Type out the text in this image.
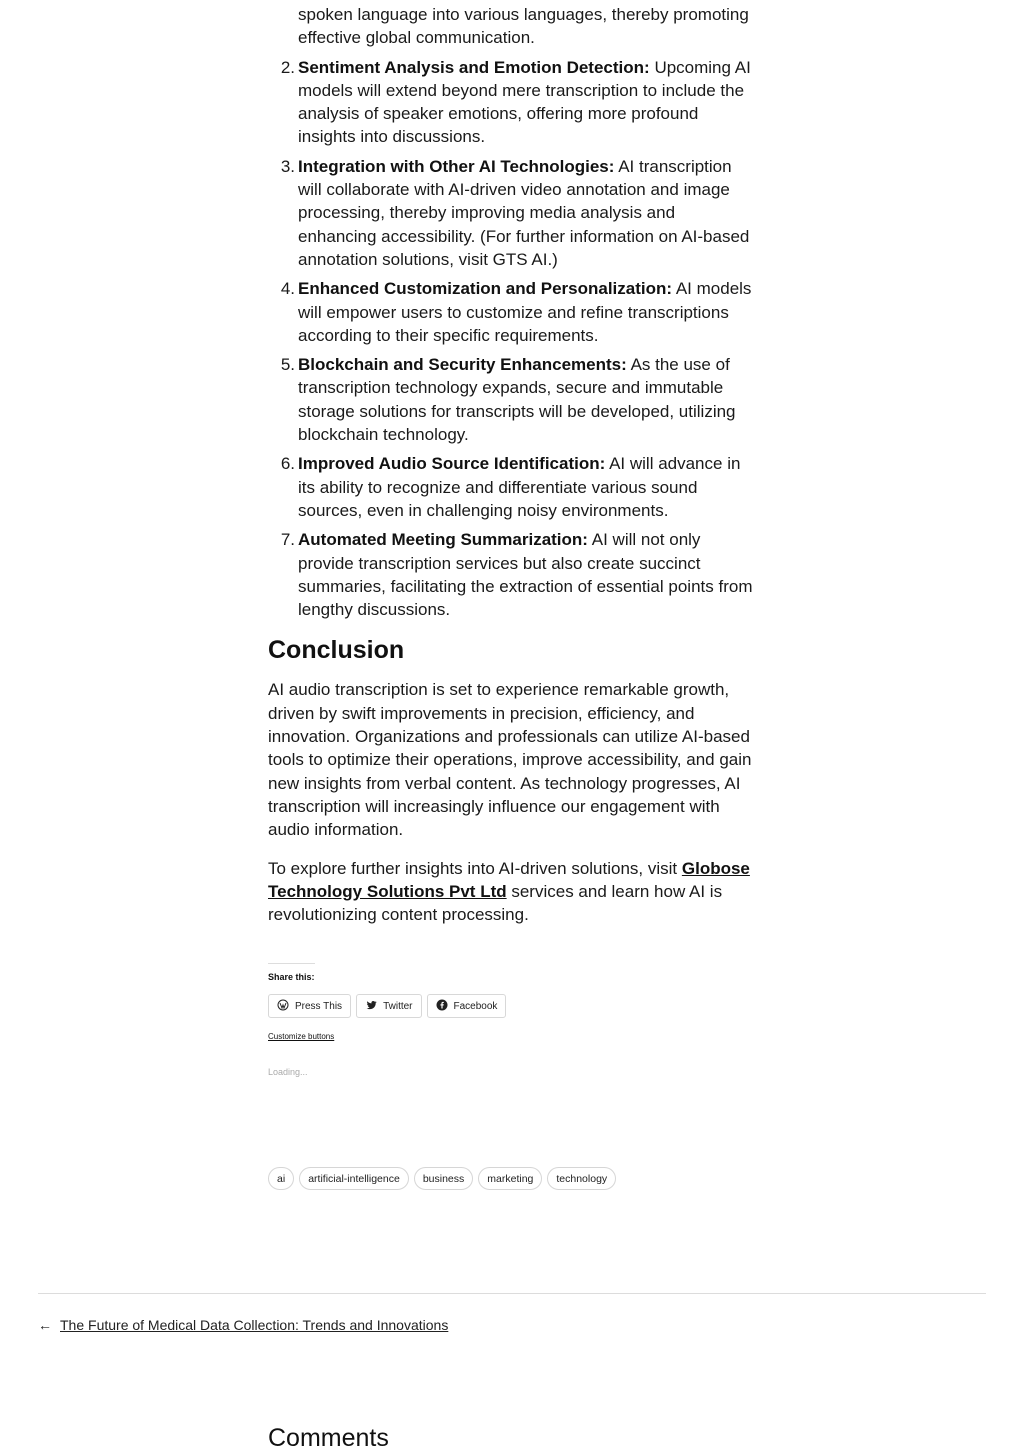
spoken language into various languages, thereby promoting
effective global communication.
2. Sentiment Analysis and Emotion Detection: Upcoming AI models will extend beyond mere transcription to include the analysis of speaker emotions, offering more profound insights into discussions.
3. Integration with Other AI Technologies: AI transcription will collaborate with AI-driven video annotation and image processing, thereby improving media analysis and enhancing accessibility. (For further information on AI-based annotation solutions, visit GTS AI.)
4. Enhanced Customization and Personalization: AI models will empower users to customize and refine transcriptions according to their specific requirements.
5. Blockchain and Security Enhancements: As the use of transcription technology expands, secure and immutable storage solutions for transcripts will be developed, utilizing blockchain technology.
6. Improved Audio Source Identification: AI will advance in its ability to recognize and differentiate various sound sources, even in challenging noisy environments.
7. Automated Meeting Summarization: AI will not only provide transcription services but also create succinct summaries, facilitating the extraction of essential points from lengthy discussions.
Conclusion

AI audio transcription is set to experience remarkable growth, driven by swift improvements in precision, efficiency, and innovation. Organizations and professionals can utilize AI-based tools to optimize their operations, improve accessibility, and gain new insights from verbal content. As technology progresses, AI transcription will increasingly influence our engagement with audio information.

To explore further insights into AI-driven solutions, visit Globose Technology Solutions Pvt Ltd services and learn how AI is revolutionizing content processing.

Share this:
Press This	Twitter	Facebook
Customize buttons
Loading...
ai	artificial-intelligence	business	marketing	technology
← The Future of Medical Data Collection: Trends and Innovations
Comments
